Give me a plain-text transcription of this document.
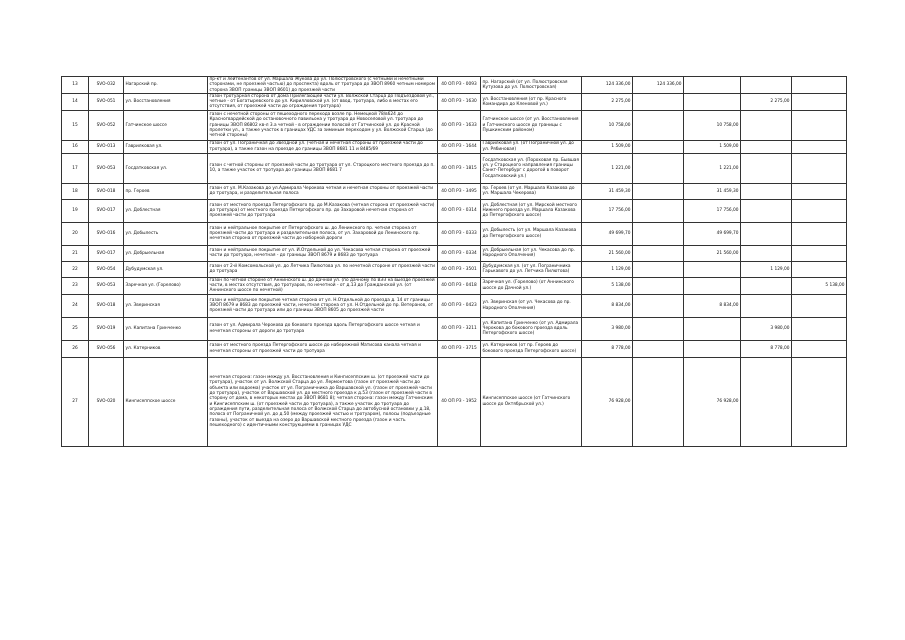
13	SVO-032	Нагарский пр.	пр-кт и лейтенантов от ул. Маршала Жукова до ул. Полюстровского (с четными и нечетными сторонами, не проезжей частью) до проспекта) вдоль от тротуара до ЗВОП 8960 четным номером сторона ЗВОП границы ЗВОП 8601) до проезжей части	40 ОП РЗ - 0093	пр. Нагарский (от ул. Полюстровская Кутузова до ул. Полюстровская)	124 336,00	124 336,00			
14	SVO-051	ул. Восстановления	газон тротуарная сторона от дома Прилегающей части ул. Волжской Старца до Подъездовой ул., четные - от Богатыревского до ул. Кирилловской ул. (от ввод. тротуара, либо в местах его отсутствия, от проезжей части до ограждения тротуара)	40 ОП РЗ - 1630	ул. Восстановления (от пр. Красного Командира до Кленовой ул.)	2 275,00			2 275,00	
15	SVO-052	Гатчинское шоссе	газон с нечетной стороны от пешеходного перехода возле пр. Немецкой 78/в624 до Красногвардейской до остановочного павильона у тротуара до Новоселовой ул. тротуара до границы ЗВОП 86802 кв-л 3.а четной - в ограждении полосой от Гатчинской ул. до Красной пролетки ул., а также участок в границах УДС за зиминым переходом у ул. Волжской Старца (до четной стороны)	40 ОП РЗ - 1633	Гатчинское шоссе (от ул. Восстановления и Гатчинского шоссе до границы с Пушкинским районом)	10 758,00		10 758,00		
16	SVO-013	Гаврилковая ул.	газон от ул. Пограничная до Звездной ул. (четная и нечетная стороны от проезжей части до тротуара), а также газон на проезде до границы ЗВОП 8681 11 и 8485/69	40 ОП РЗ - 1644	Гаврилковая ул. (от Пограничной ул. до ул. Рябиновая)	1 509,00		1 509,00		
17	SVO-053	Госдатковская ул.	газон с четной стороны от проезжей части до тротуара от ул. Староцкого местного проезда до п. 10, а также участок от тротуара до границы ЗВОП 8681 7	40 ОП РЗ - 1815	Госдатковская ул. (Пороховая пр. Бывшая ул. у Староцкого направления границы Санкт-Петербург с дорогой в поворот Госдатковский ул.)	1 221,00		1 221,00		
18	SVO-018	пр. Героев	газон от ул. М.Казакова до ул.Адмирала Черокова четная и нечетная стороны от проезжей части до тротуара, и разделительная полоса	40 ОП РЗ - 3495	пр. Героев (от ул. Маршала Казакова до ул. Маршала Чекерова)	31 459,30		31 459,30		
19	SVO-017	ул. Доблестная	газон от местного проезда Петергофского пр. до М.Казакова (четная сторона от проезжей части) до тротуара) от местного проезда Петергофского пр. до Захаровой нечетная сторона от проезжей части до тротуара	40 ОП РЗ - 0314	ул. Доблестная (от ул. Мирской местного Нижнего проезда ул. Маршала Казакова до Петергофского шоссе)	17 756,00		17 756,00		
20	SVO-016	ул. Добылесть	газон и нейтральное покрытие от Петергофского ш. до Ленинского пр. четная сторона от проезжей части до тротуара и разделительная полоса, от ул. Захаровой до Ленинского пр. нечетная сторона от проезжей части до наборной дороги	40 ОП РЗ - 0333	ул. Добылесть (от ул. Маршала Казакова до Петергофского шоссе)	49 699,70		49 699,70		
21	SVO-017	ул. Добрыельная	газон и нейтральное покрытие от ул. И.Отдельной до ул. Чекасова четная сторона от проезжей части до тротуара, нечетная - до границы ЗВОП 8679 и 8683 до тротуара	40 ОП РЗ - 0334	ул. Добрыельная (от ул. Чекасова до пр. Народного Ополчения)	21 560,00		21 560,00		
22	SVO-054	Дубудумская ул.	газон от 2-й Комсомольской ул. до Летчика Пилютова ул. по нечетной стороне от проезжей части до тротуара	40 ОП РЗ - 3501	Дубудумская ул. (от ул. Пограничника Гарькавого до ул. Летчика Пилютова)	1 129,00			1 129,00	
23	SVO-053	Заречная ул. (Горелово)	газон по четной стороне от Аннинского ш. до Дачной ул. (по дачному по ВЭЗ на выезде проезжей части, в местах отсутствия, до тротуаров, по нечетной - от д.13 до Гражданской ул. (от Аннинского шоссе по нечетной)	40 ОП РЗ - 0418	Заречная ул. (Горелово) (от Аннинского шоссе до Дачной ул.)	5 138,00				5 138,00
24	SVO-018	ул. Зверинская	газон и нейтральное покрытие четная сторона от ул. Н.Отдельной до проезда д. 14 от границы ЗВОП 8679 и 8683 до проезжей части, нечетная сторона от ул. Н.Отдельной до пр. Ветеранов, от проезжей части до тротуара или до границы ЗВОП 8605 до проезжей части	40 ОП РЗ - 0423	ул. Зверинская (от ул. Чекасова до пр. Народного Ополчения)	8 834,00		8 834,00		
25	SVO-019	ул. Капитана Гринченко	газон от ул. Адмирала Черокова до бокового проезда вдоль Петергофского шоссе четная и нечетная стороны от дороги до тротуара	40 ОП РЗ - 3211	ул. Капитана Гринченко (от ул. Адмирала Черокова до бокового проезда вдоль Петергофского шоссе)	3 980,00			3 980,00	
26	SVO-056	ул. Катерников	газон от местного проезда Петергофского шоссе до набережной Матисова канала четная и нечетная стороны от проезжей части до тротуара	40 ОП РЗ - 3715	ул. Катерников (от пр. Героев до бокового проезда Петергофского шоссе)	8 778,00			8 778,00	
27	SVO-020	Кингисеппское шоссе	нечетная сторона: газон между ул. Восстановления и Кингисеппским ш. (от проезжей части до тротуара), участок от ул. Волжской Старца до ул. Лермонтова (газон от проезжей части до объекта или водоема) участок от ул. Пограничника до Варшавской ул. (газон от проезжей части до тротуара), участок от Варшавской ул. до местного проезда к д.53 (газон от проезжей части в сторону от дома, в некоторых местах до ЗВОП 8681 8); четная сторона: газон между Гатчинским и Кингисеппским ш. (от проезжей части до тротуара), а также участок до тротуара до ограждения пути, разделительная полоса от Волжской Старца до автобусной остановки у д.18, полоса от Пограничной ул. до д.50 (между проезжей частью и тротуаром), полосы (подъездные газоны), участок от выезда на озеро до Варшавской местного проезда (газон и часть пешеходного) с идентичными конструкциями в границах УДС	40 ОП РЗ - 1952	Кингисеппское шоссе (от Гатчинского шоссе до Октябрьской ул.)	76 928,00		76 928,00		
